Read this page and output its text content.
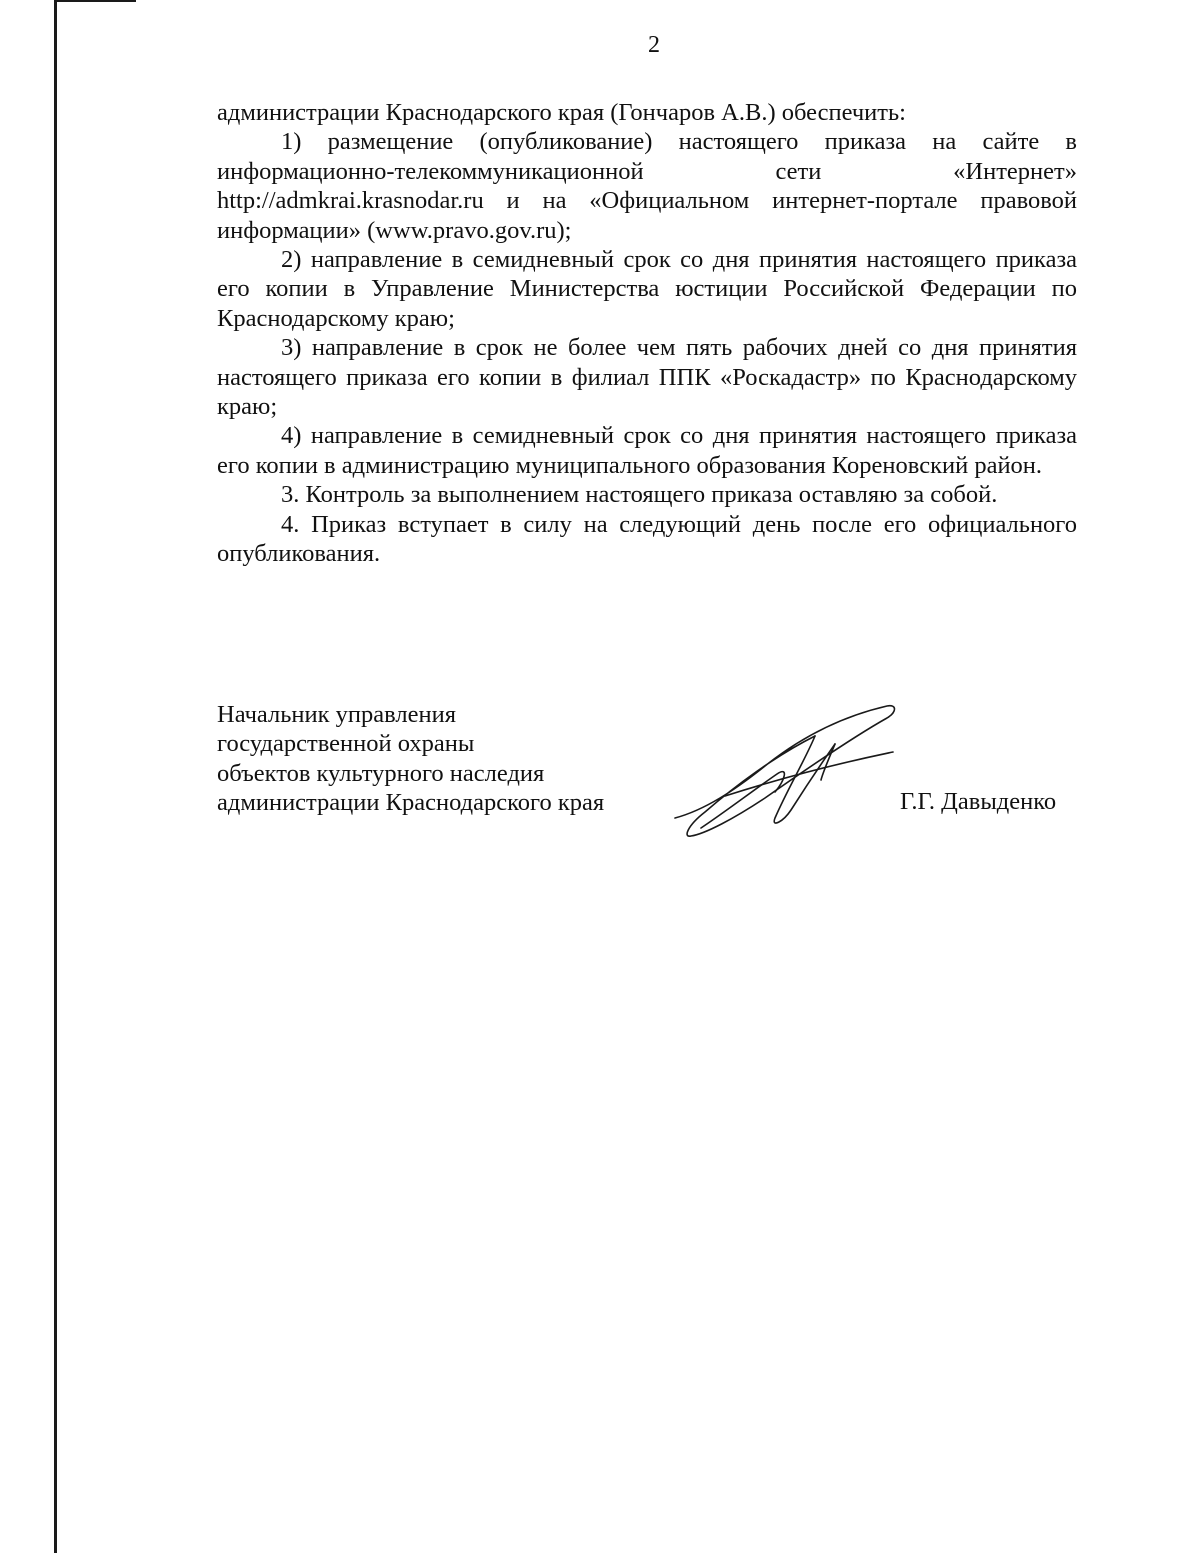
2

администрации Краснодарского края (Гончаров А.В.) обеспечить:

1) размещение (опубликование) настоящего приказа на сайте в информационно-телекоммуникационной сети «Интернет» http://admkrai.krasnodar.ru и на «Официальном интернет-портале правовой информации» (www.pravo.gov.ru);

2) направление в семидневный срок со дня принятия настоящего приказа его копии в Управление Министерства юстиции Российской Федерации по Краснодарскому краю;

3) направление в срок не более чем пять рабочих дней со дня принятия настоящего приказа его копии в филиал ППК «Роскадастр» по Краснодарскому краю;

4) направление в семидневный срок со дня принятия настоящего приказа его копии в администрацию муниципального образования Кореновский район.

3. Контроль за выполнением настоящего приказа оставляю за собой.

4. Приказ вступает в силу на следующий день после его официального опубликования.

Начальник управления
государственной охраны
объектов культурного наследия
администрации Краснодарского края	Г.Г. Давыденко
